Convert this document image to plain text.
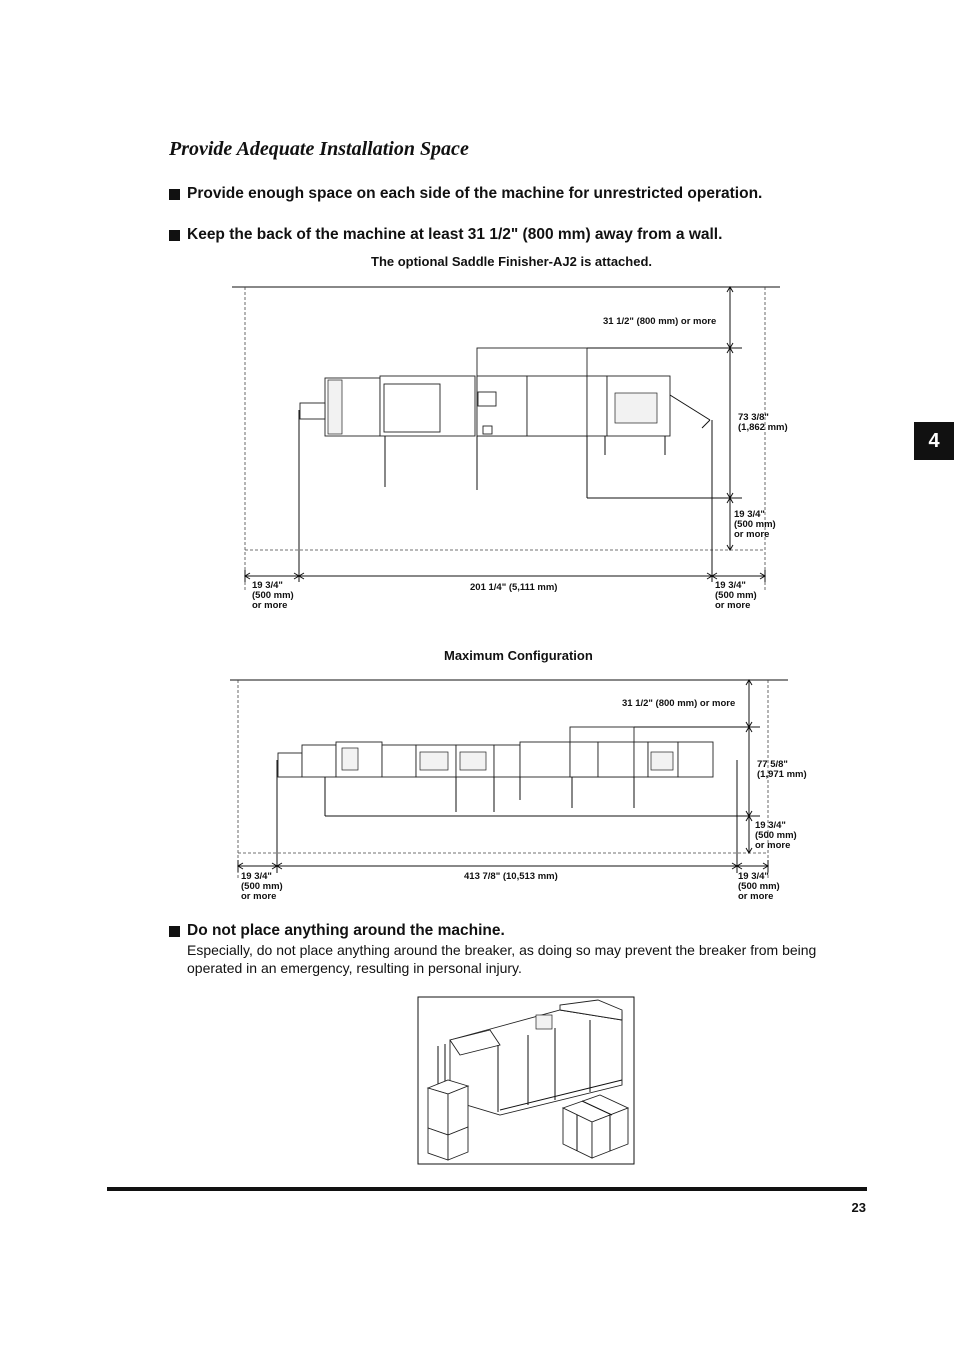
Provide Adequate Installation Space
Provide enough space on each side of the machine for unrestricted operation.
Keep the back of the machine at least 31 1/2" (800 mm) away from a wall.
The optional Saddle Finisher-AJ2 is attached.
31 1/2" (800 mm) or more
73 3/8"
(1,862 mm)
19 3/4"
(500 mm)
or more
19 3/4"
(500 mm)
or more
201 1/4" (5,111 mm)	19 3/4"
(500 mm)
or more
Maximum Configuration
31 1/2" (800 mm) or more
77 5/8"
(1,971 mm)
19 3/4"
(500 mm)
or more
19 3/4"
(500 mm)
or more
413 7/8" (10,513 mm)	19 3/4"
(500 mm)
or more
Do not place anything around the machine.
Especially, do not place anything around the breaker, as doing so may prevent the breaker from being operated in an emergency, resulting in personal injury.
4
23
